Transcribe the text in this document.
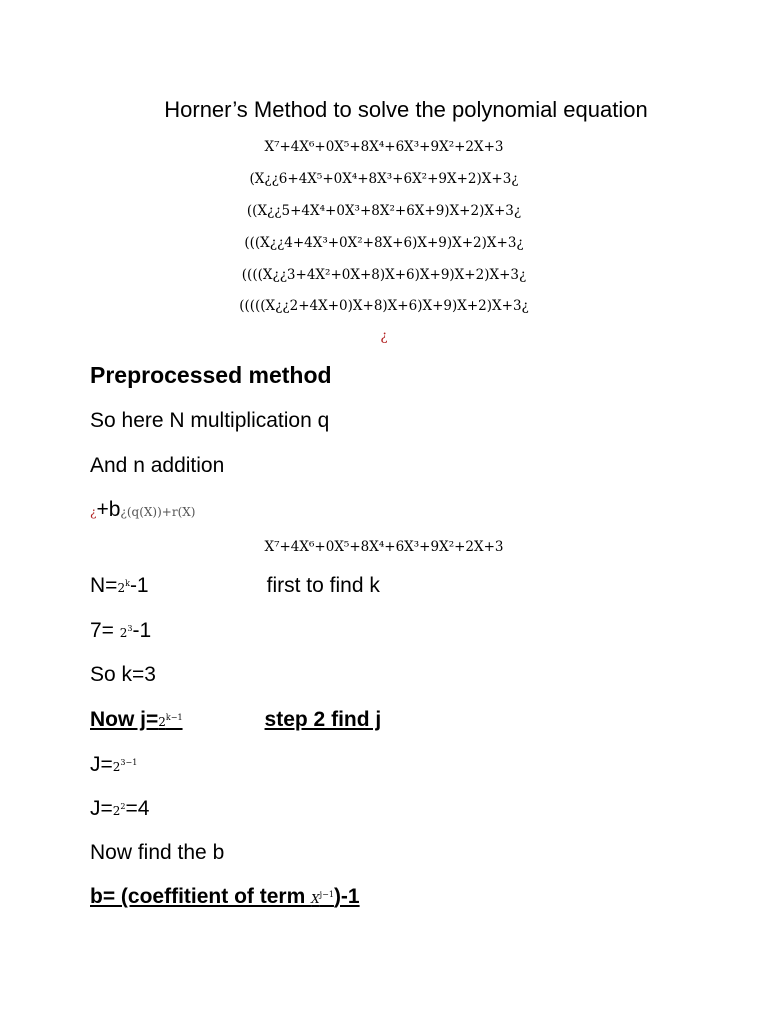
Horner’s Method to solve the polynomial equation
X⁷+4X⁶+0X⁵+8X⁴+6X³+9X²+2X+3
(X¿¿6+4X⁵+0X⁴+8X³+6X²+9X+2)X+3¿
((X¿¿5+4X⁴+0X³+8X²+6X+9)X+2)X+3¿
(((X¿¿4+4X³+0X²+8X+6)X+9)X+2)X+3¿
((((X¿¿3+4X²+0X+8)X+6)X+9)X+2)X+3¿
(((((X¿¿2+4X+0)X+8)X+6)X+9)X+2)X+3¿
¿
Preprocessed method
So here N multiplication q
And n addition
¿+b¿(q(X))+r(X)
X⁷+4X⁶+0X⁵+8X⁴+6X³+9X²+2X+3
$N=2^k-1$	first to find k
$7= 2^3-1$
So k=3
Now $j=2^{k-1}$	step 2 find j
$J=2^{3-1}$
$J=2^2=4$
Now find the b
b= (coeffitient of term $X^{j-1})-1$
